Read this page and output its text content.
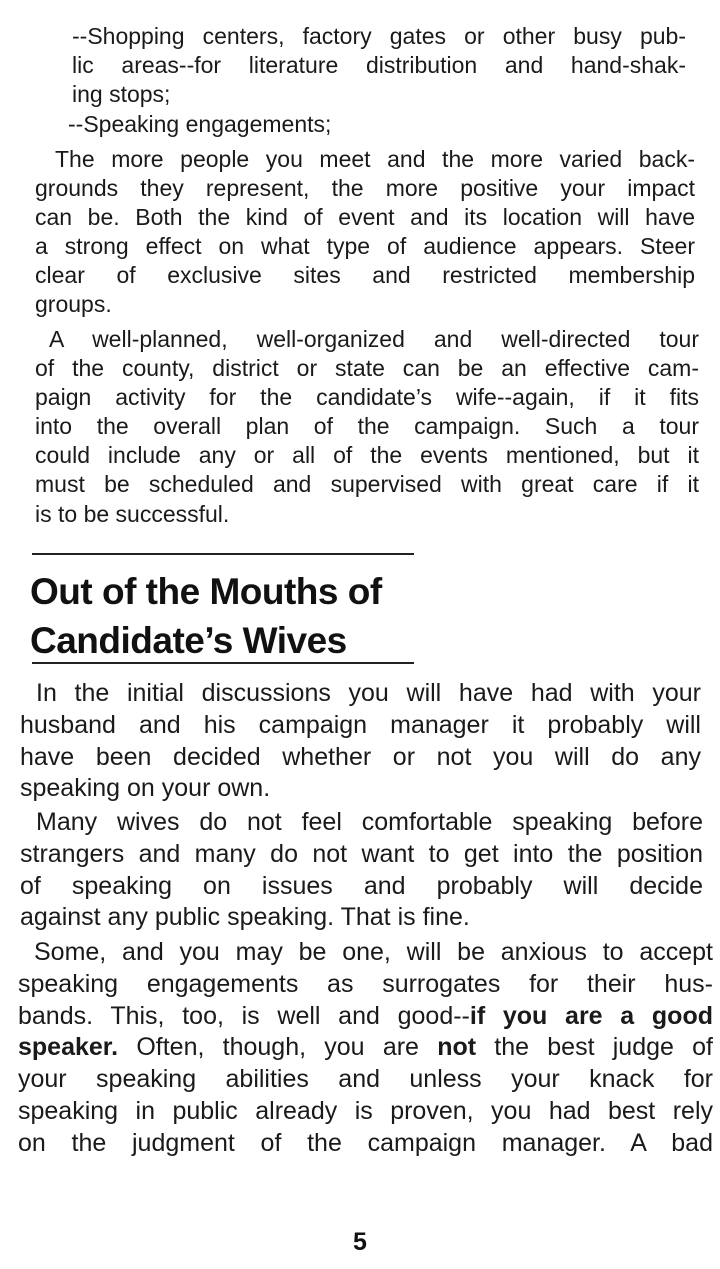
--Shopping centers, factory gates or other busy pub-
lic areas--for literature distribution and hand-shak-
ing stops;
--Speaking engagements;
The more people you meet and the more varied back-
grounds they represent, the more positive your impact
can be. Both the kind of event and its location will have
a strong effect on what type of audience appears. Steer
clear of exclusive sites and restricted membership
groups.
A well-planned, well-organized and well-directed tour
of the county, district or state can be an effective cam-
paign activity for the candidate’s wife--again, if it fits
into the overall plan of the campaign. Such a tour
could include any or all of the events mentioned, but it
must be scheduled and supervised with great care if it
is to be successful.
Out of the Mouths of
Candidate’s Wives
In the initial discussions you will have had with your
husband and his campaign manager it probably will
have been decided whether or not you will do any
speaking on your own.
Many wives do not feel comfortable speaking before
strangers and many do not want to get into the position
of speaking on issues and probably will decide
against any public speaking. That is fine.
Some, and you may be one, will be anxious to accept
speaking engagements as surrogates for their hus-
bands. This, too, is well and good--if you are a good
speaker. Often, though, you are not the best judge of
your speaking abilities and unless your knack for
speaking in public already is proven, you had best rely
on the judgment of the campaign manager. A bad
5
